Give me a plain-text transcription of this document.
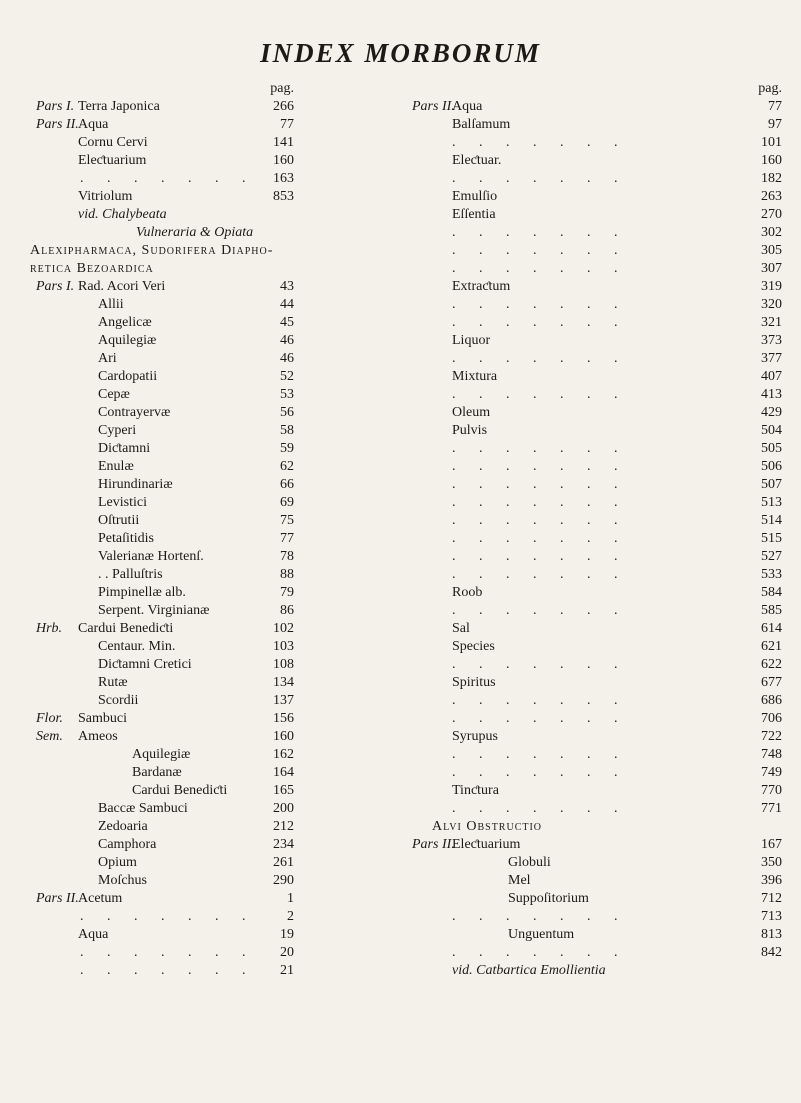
INDEX MORBORUM
pag.
Pars I. Terra Japonica	266
Pars II. Aqua	77
Cornu Cervi	141
Eleƈtuarium	160
. . . . . . .	163
Vitriolum	853
vid. Chalybeata
Vulneraria & Opiata
Alexipharmaca, Sudorifera Diapho-
retica Bezoardica
Pars I. Rad. Acori Veri	43
Allii	44
Angelicæ	45
Aquilegiæ	46
Ari	46
Cardopatii	52
Cepæ	53
Contrayervæ	56
Cyperi	58
Diƈtamni	59
Enulæ	62
Hirundinariæ	66
Levistici	69
Oſtrutii	75
Petaſitidis	77
Valerianæ Hortenſ.	78
. . Palluſtris	88
Pimpinellæ alb.	79
Serpent. Virginianæ	86
Hrb. Cardui Benediƈti	102
Centaur. Min.	103
Diƈtamni Cretici	108
Rutæ	134
Scordii	137
Flor. Sambuci	156
Sem. Ameos	160
Aquilegiæ	162
Bardanæ	164
Cardui Benediƈti	165
Baccæ Sambuci	200
Zedoaria	212
Camphora	234
Opium	261
Moſchus	290
Pars II. Acetum	1
. . . . . . .	2
Aqua	19
. . . . . . .	20
. . . . . . .	21
pag.
Pars II.
Aqua	77
Balſamum	97
. . . . . . .	101
Eleƈtuar.	160
. . . . . . .	182
Emulſio	263
Eſſentia	270
. . . . . . .	302
. . . . . . .	305
. . . . . . .	307
Extraƈtum	319
. . . . . . .	320
. . . . . . .	321
Liquor	373
. . . . . . .	377
Mixtura	407
. . . . . . .	413
Oleum	429
Pulvis	504
. . . . . . .	505
. . . . . . .	506
. . . . . . .	507
. . . . . . .	513
. . . . . . .	514
. . . . . . .	515
. . . . . . .	527
. . . . . . .	533
Roob	584
. . . . . . .	585
Sal	614
Species	621
. . . . . . .	622
Spiritus	677
. . . . . . .	686
. . . . . . .	706
Syrupus	722
. . . . . . .	748
. . . . . . .	749
Tinƈtura	770
. . . . . . .	771
Alvi Obstructio
Pars II.
Eleƈtuarium	167
Globuli	350
Mel	396
Suppoſitorium	712
. . . . . . .	713
Unguentum	813
. . . . . . .	842
vid. Catbartica Emollientia
